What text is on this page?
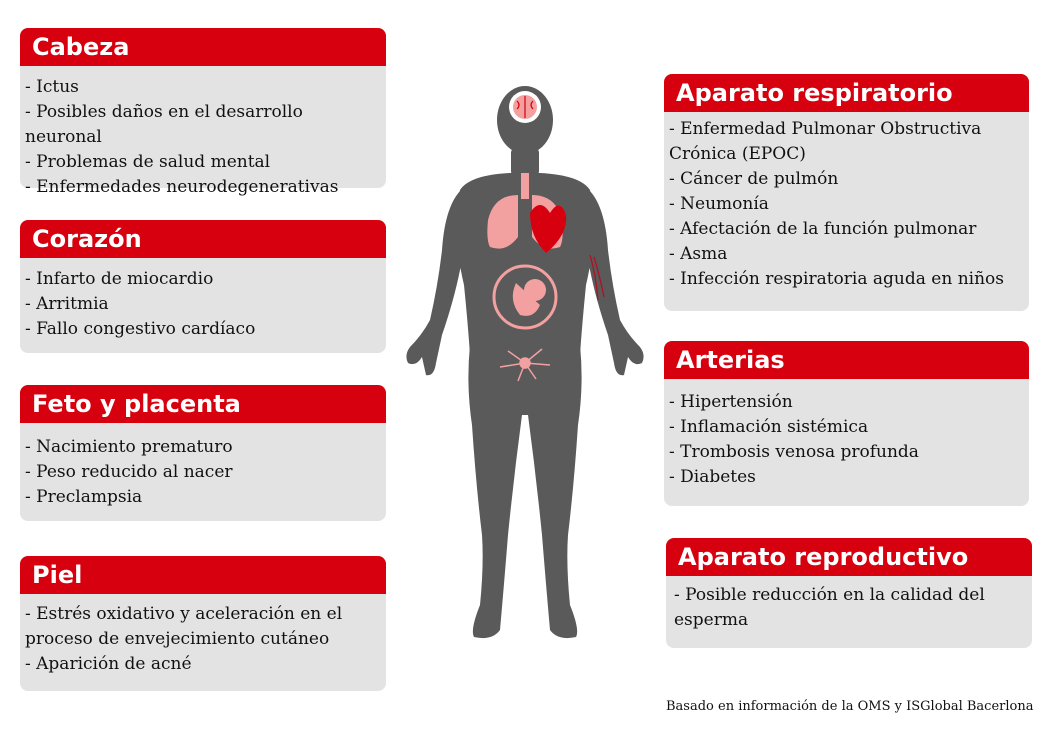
Cabeza
- Ictus
- Posibles daños en el desarrollo neuronal
- Problemas de salud mental
- Enfermedades neurodegenerativas
Corazón
- Infarto de miocardio
- Arritmia
- Fallo congestivo cardíaco
Feto y placenta
- Nacimiento prematuro
- Peso reducido al nacer
- Preclampsia
Piel
- Estrés oxidativo y aceleración en el proceso de envejecimiento cutáneo
- Aparición de acné
Aparato respiratorio
- Enfermedad Pulmonar Obstructiva Crónica (EPOC)
- Cáncer de pulmón
- Neumonía
- Afectación de la función pulmonar
- Asma
- Infección respiratoria aguda en niños
Arterias
- Hipertensión
- Inflamación sistémica
- Trombosis venosa profunda
- Diabetes
Aparato reproductivo
- Posible reducción en la calidad del esperma
Basado en información de la OMS y ISGlobal Bacerlona
